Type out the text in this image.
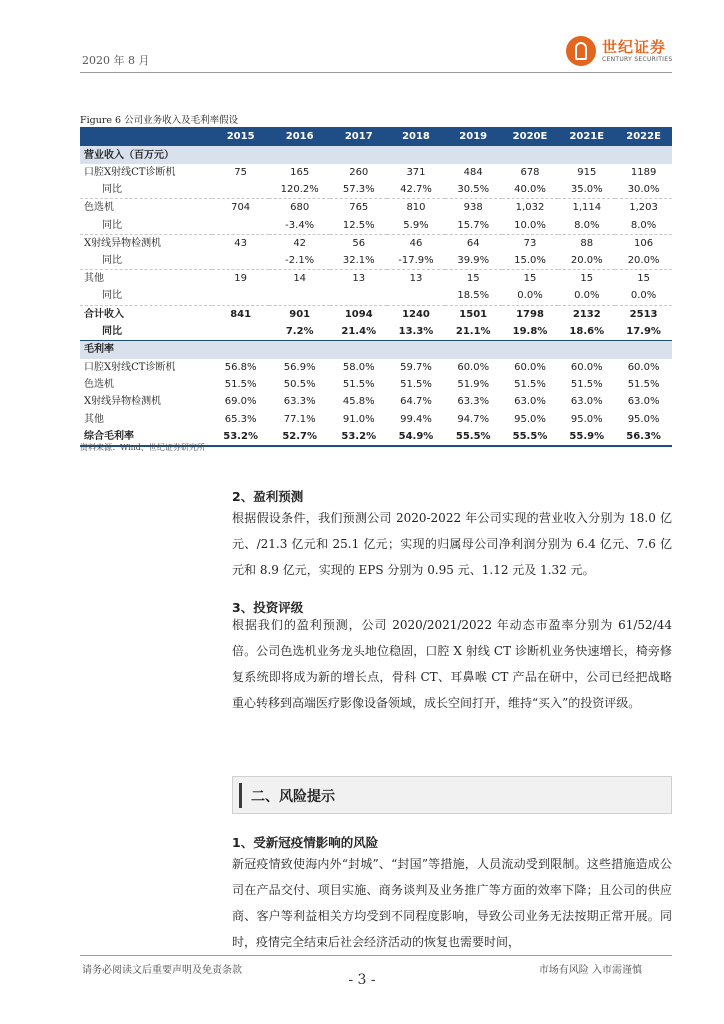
2020 年 8 月
世纪证券
CENTURY SECURITIES
Figure 6 公司业务收入及毛利率假设
	2015	2016	2017	2018	2019	2020E	2021E	2022E
营业收入（百万元）								
口腔X射线CT诊断机	75	165	260	371	484	678	915	1189
同比		120.2%	57.3%	42.7%	30.5%	40.0%	35.0%	30.0%
色选机	704	680	765	810	938	1,032	1,114	1,203
同比		-3.4%	12.5%	5.9%	15.7%	10.0%	8.0%	8.0%
X射线异物检测机	43	42	56	46	64	73	88	106
同比		-2.1%	32.1%	-17.9%	39.9%	15.0%	20.0%	20.0%
其他	19	14	13	13	15	15	15	15
同比					18.5%	0.0%	0.0%	0.0%
合计收入	841	901	1094	1240	1501	1798	2132	2513
同比		7.2%	21.4%	13.3%	21.1%	19.8%	18.6%	17.9%
毛利率								
口腔X射线CT诊断机	56.8%	56.9%	58.0%	59.7%	60.0%	60.0%	60.0%	60.0%
色选机	51.5%	50.5%	51.5%	51.5%	51.9%	51.5%	51.5%	51.5%
X射线异物检测机	69.0%	63.3%	45.8%	64.7%	63.3%	63.0%	63.0%	63.0%
其他	65.3%	77.1%	91.0%	99.4%	94.7%	95.0%	95.0%	95.0%
综合毛利率	53.2%	52.7%	53.2%	54.9%	55.5%	55.5%	55.9%	56.3%
资料来源：Wind、世纪证券研究所
2、盈利预测

根据假设条件，我们预测公司 2020-2022 年公司实现的营业收入分别为 18.0 亿元、/21.3 亿元和 25.1 亿元；实现的归属母公司净利润分别为 6.4 亿元、7.6 亿元和 8.9 亿元，实现的 EPS 分别为 0.95 元、1.12 元及 1.32 元。

3、投资评级

根据我们的盈利预测，公司 2020/2021/2022 年动态市盈率分别为 61/52/44 倍。公司色选机业务龙头地位稳固，口腔 X 射线 CT 诊断机业务快速增长，椅旁修复系统即将成为新的增长点，骨科 CT、耳鼻喉 CT 产品在研中，公司已经把战略重心转移到高端医疗影像设备领域，成长空间打开，维持“买入”的投资评级。

二、风险提示
1、受新冠疫情影响的风险

新冠疫情致使海内外“封城”、“封国”等措施，人员流动受到限制。这些措施造成公司在产品交付、项目实施、商务谈判及业务推广等方面的效率下降；且公司的供应商、客户等利益相关方均受到不同程度影响，导致公司业务无法按期正常开展。同时，疫情完全结束后社会经济活动的恢复也需要时间，

请务必阅读文后重要声明及免责条款	市场有风险 入市需谨慎
- 3 -
